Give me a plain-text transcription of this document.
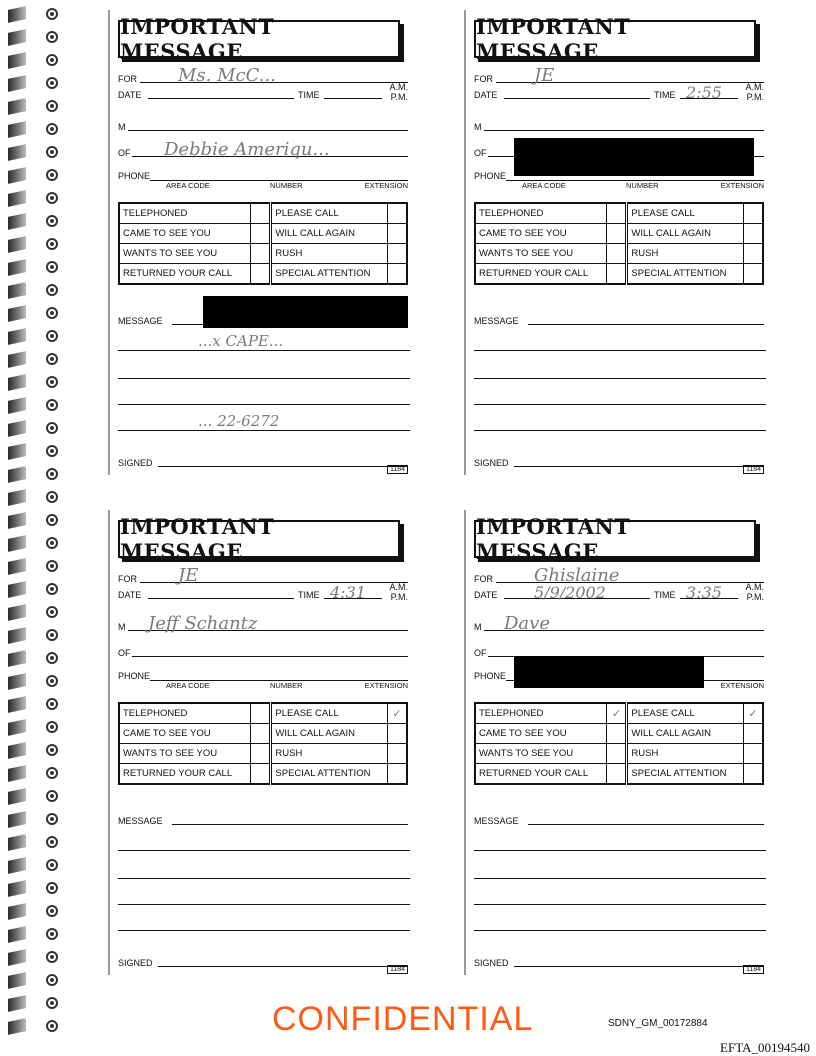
IMPORTANT MESSAGE
FOR Ms. McC...
DATE	TIME
A.M.
P.M.
M
OF Debbie Ameriqu...
PHONE
AREA CODE	NUMBER	EXTENSION
TELEPHONED		PLEASE CALL	
CAME TO SEE YOU		WILL CALL AGAIN	
WANTS TO SEE YOU		RUSH	
RETURNED YOUR CALL		SPECIAL ATTENTION	
MESSAGE
...x CAPE...
... 22-6272
SIGNED
1184
IMPORTANT MESSAGE
FOR JE
DATE	TIME 2:55	A.M.
P.M.
M
OF
PHONE
AREA CODE	NUMBER	EXTENSION
TELEPHONED		PLEASE CALL	
CAME TO SEE YOU		WILL CALL AGAIN	
WANTS TO SEE YOU		RUSH	
RETURNED YOUR CALL		SPECIAL ATTENTION	
MESSAGE
SIGNED
1184
IMPORTANT MESSAGE
FOR JE
DATE	TIME 4:31	A.M.
P.M.
M Jeff Schantz
OF
PHONE
AREA CODE	NUMBER	EXTENSION
TELEPHONED		PLEASE CALL	✓
CAME TO SEE YOU		WILL CALL AGAIN	
WANTS TO SEE YOU		RUSH	
RETURNED YOUR CALL		SPECIAL ATTENTION	
MESSAGE
SIGNED
1184
IMPORTANT MESSAGE
FOR Ghislaine
DATE 5/9/2002	TIME 3:35	A.M.
P.M.
M Dave
OF
PHONE
EXTENSION
TELEPHONED	✓	PLEASE CALL	✓
CAME TO SEE YOU		WILL CALL AGAIN	
WANTS TO SEE YOU		RUSH	
RETURNED YOUR CALL		SPECIAL ATTENTION	
MESSAGE
SIGNED
1184
CONFIDENTIAL	SDNY_GM_00172884
EFTA_00194540
